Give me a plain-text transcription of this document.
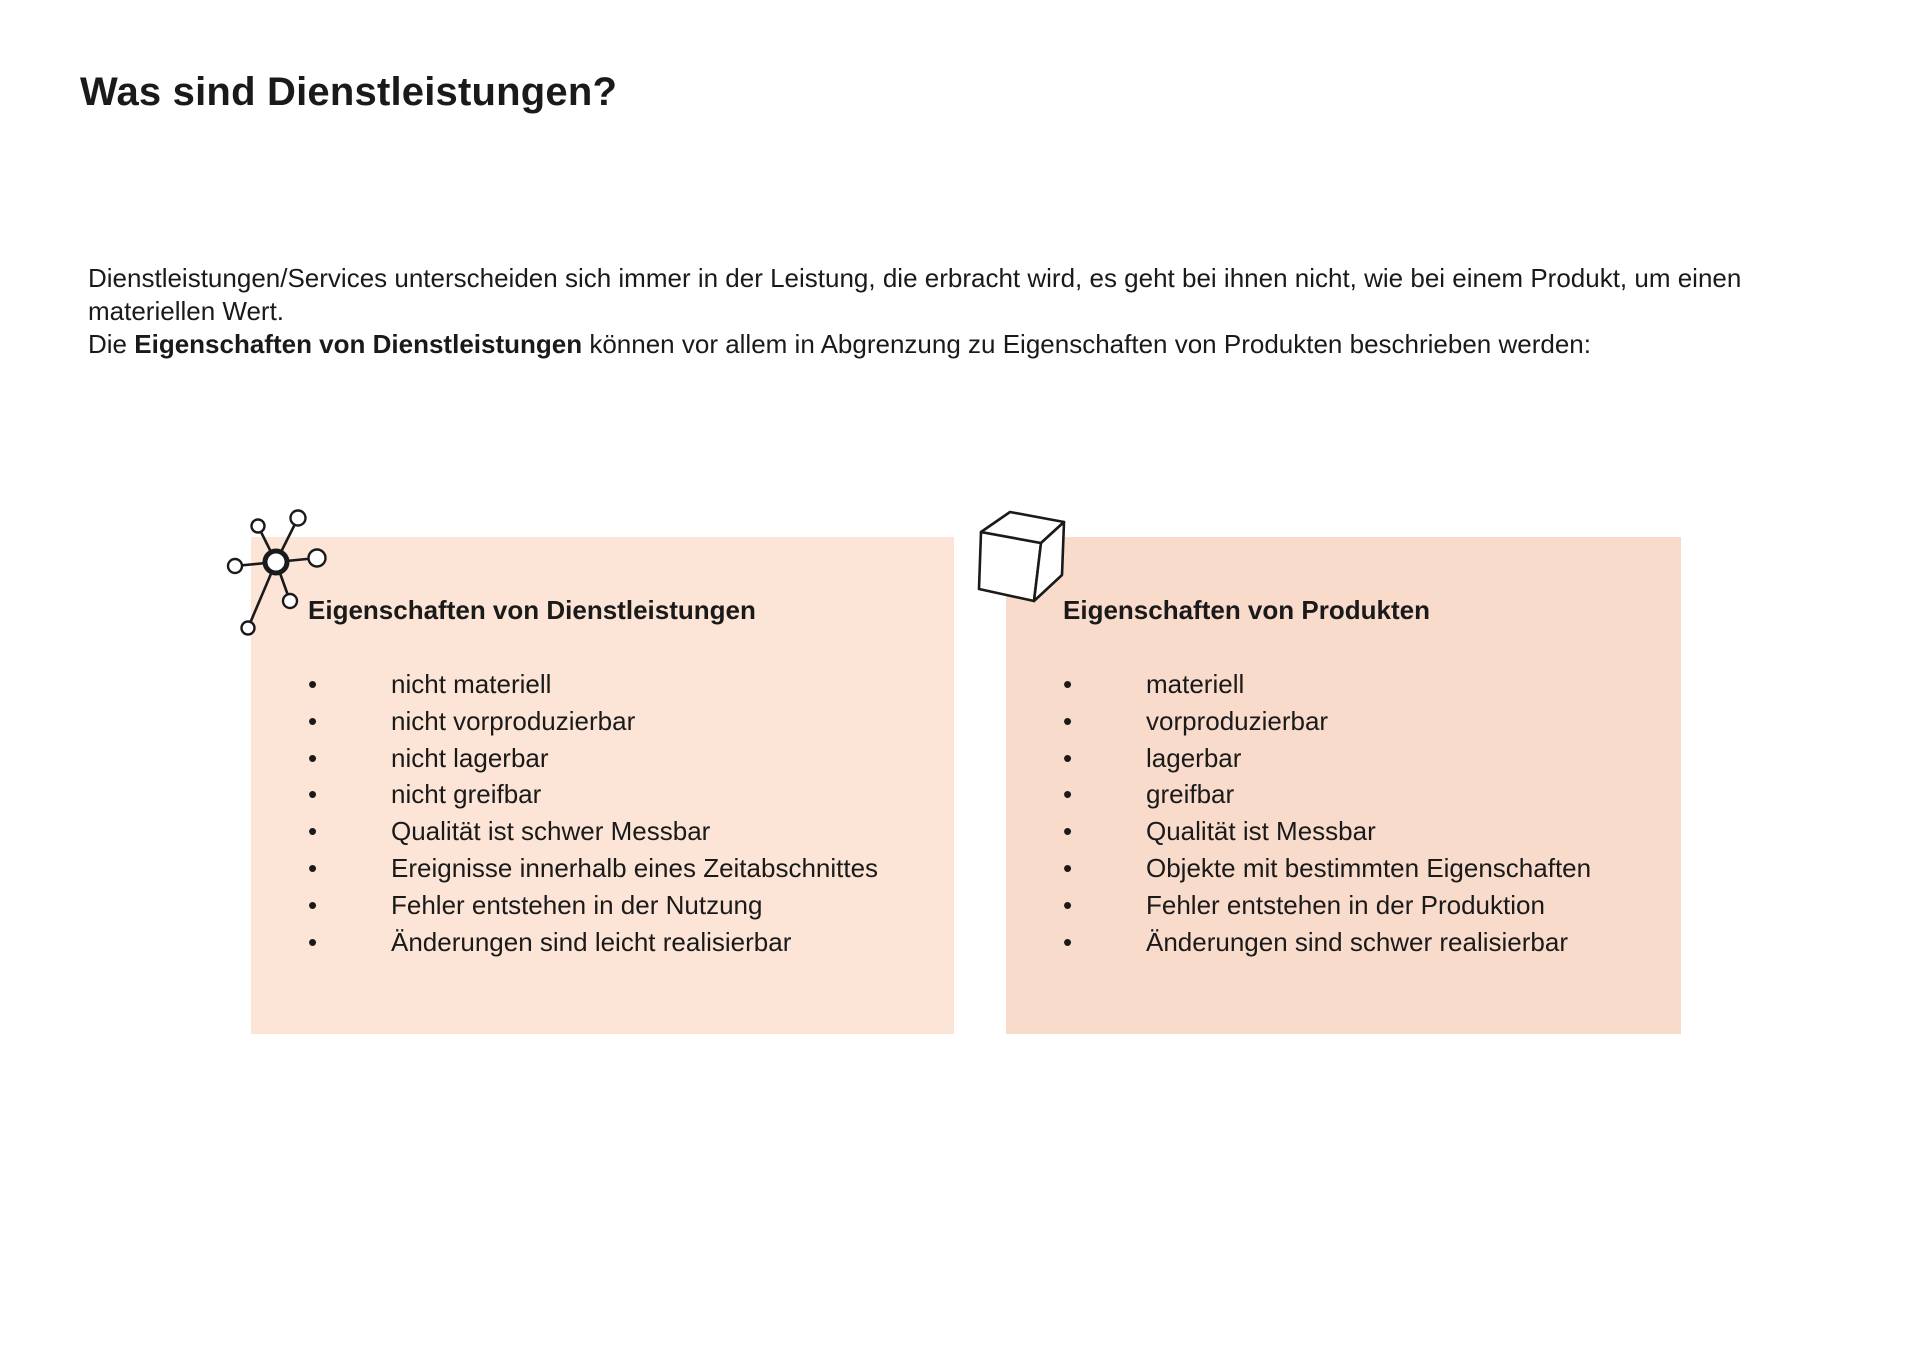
Was sind Dienstleistungen?

Dienstleistungen/Services unterscheiden sich immer in der Leistung, die erbracht wird, es geht bei ihnen nicht, wie bei einem Produkt, um einen materiellen Wert.

Die Eigenschaften von Dienstleistungen können vor allem in Abgrenzung zu Eigenschaften von Produkten beschrieben werden:

Eigenschaften von Dienstleistungen
•	nicht materiell
•	nicht vorproduzierbar
•	nicht lagerbar
•	nicht greifbar
•	Qualität ist schwer Messbar
•	Ereignisse innerhalb eines Zeitabschnittes
•	Fehler entstehen in der Nutzung
•	Änderungen sind leicht realisierbar
Eigenschaften von Produkten
•	materiell
•	vorproduzierbar
•	lagerbar
•	greifbar
•	Qualität ist Messbar
•	Objekte mit bestimmten Eigenschaften
•	Fehler entstehen in der Produktion
•	Änderungen sind schwer realisierbar
